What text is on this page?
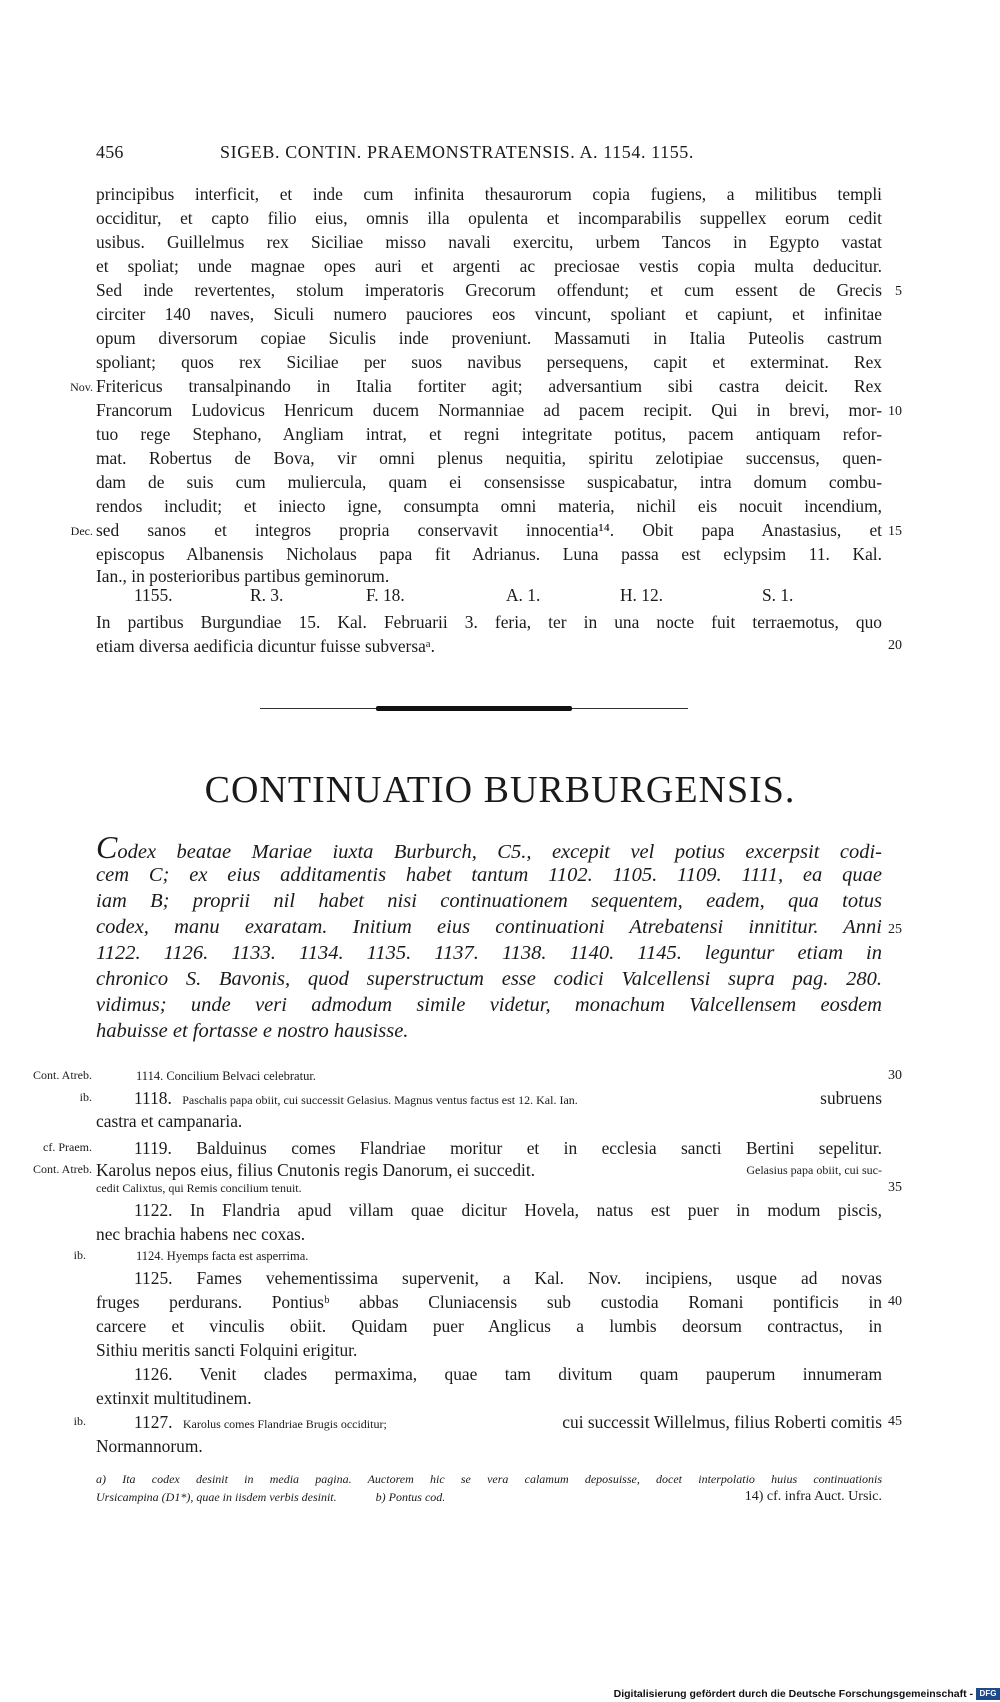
456	SIGEB. CONTIN. PRAEMONSTRATENSIS. A. 1154. 1155.
principibus interficit, et inde cum infinita thesaurorum copia fugiens, a militibus templi
occiditur, et capto filio eius, omnis illa opulenta et incomparabilis suppellex eorum cedit
usibus. Guillelmus rex Siciliae misso navali exercitu, urbem Tancos in Egypto vastat
et spoliat; unde magnae opes auri et argenti ac preciosae vestis copia multa deducitur.
Sed inde revertentes, stolum imperatoris Grecorum offendunt; et cum essent de Grecis
circiter 140 naves, Siculi numero pauciores eos vincunt, spoliant et capiunt, et infinitae
opum diversorum copiae Siculis inde proveniunt. Massamuti in Italia Puteolis castrum
spoliant; quos rex Siciliae per suos navibus persequens, capit et exterminat. Rex
Fritericus transalpinando in Italia fortiter agit; adversantium sibi castra deicit. Rex
Francorum Ludovicus Henricum ducem Normanniae ad pacem recipit. Qui in brevi, mor-
tuo rege Stephano, Angliam intrat, et regni integritate potitus, pacem antiquam refor-
mat. Robertus de Bova, vir omni plenus nequitia, spiritu zelotipiae succensus, quen-
dam de suis cum muliercula, quam ei consensisse suspicabatur, intra domum combu-
rendos includit; et iniecto igne, consumpta omni materia, nichil eis nocuit incendium,
sed sanos et integros propria conservavit innocentia¹⁴. Obit papa Anastasius, et
episcopus Albanensis Nicholaus papa fit Adrianus. Luna passa est eclypsim 11. Kal.
Ian., in posterioribus partibus geminorum.
5
10
15
20
Nov.
Dec.
1155.	R. 3.	F. 18.	A. 1.	H. 12.	S. 1.
In partibus Burgundiae 15. Kal. Februarii 3. feria, ter in una nocte fuit terraemotus, quo
etiam diversa aedificia dicuntur fuisse subversaᵃ.
CONTINUATIO BURBURGENSIS.
Codex beatae Mariae iuxta Burburch, C5., excepit vel potius excerpsit codi-
cem C; ex eius additamentis habet tantum 1102. 1105. 1109. 1111, ea quae
iam B; proprii nil habet nisi continuationem sequentem, eadem, qua totus
codex, manu exaratam. Initium eius continuationi Atrebatensi innititur. Anni
1122. 1126. 1133. 1134. 1135. 1137. 1138. 1140. 1145. leguntur etiam in
chronico S. Bavonis, quod superstructum esse codici Valcellensi supra pag. 280.
vidimus; unde veri admodum simile videtur, monachum Valcellensem eosdem
habuisse et fortasse e nostro hausisse.
25
Cont. Atreb.	1114. Concilium Belvaci celebratur.	30
ib. 1118. Paschalis papa obiit, cui successit Gelasius. Magnus ventus factus est 12. Kal. Ian.	subruens
castra et campanaria.
cf. Praem. 1119. Balduinus comes Flandriae moritur et in ecclesia sancti Bertini sepelitur.
Cont. Atreb. Karolus nepos eius, filius Cnutonis regis Danorum, ei succedit.	Gelasius papa obiit, cui suc-
cedit Calixtus, qui Remis concilium tenuit.	35
1122. In Flandria apud villam quae dicitur Hovela, natus est puer in modum piscis,
nec brachia habens nec coxas.
ib.	1124. Hyemps facta est asperrima.
1125. Fames vehementissima supervenit, a Kal. Nov. incipiens, usque ad novas
fruges perdurans. Pontiusᵇ abbas Cluniacensis sub custodia Romani pontificis in
carcere et vinculis obiit. Quidam puer Anglicus a lumbis deorsum contractus, in
Sithiu meritis sancti Folquini erigitur.
40
1126. Venit clades permaxima, quae tam divitum quam pauperum innumeram
extinxit multitudinem.
ib.	1127. Karolus comes Flandriae Brugis occiditur;	cui successit Willelmus, filius Roberti comitis 45
Normannorum.
a) Ita codex desinit in media pagina. Auctorem hic se vera calamum deposuisse, docet interpolatio huius continuationis
Ursicampina (D1*), quae in iisdem verbis desinit.	b) Pontus cod.	14) cf. infra Auct. Ursic.
Digitalisierung gefördert durch die Deutsche Forschungsgemeinschaft - DFG
